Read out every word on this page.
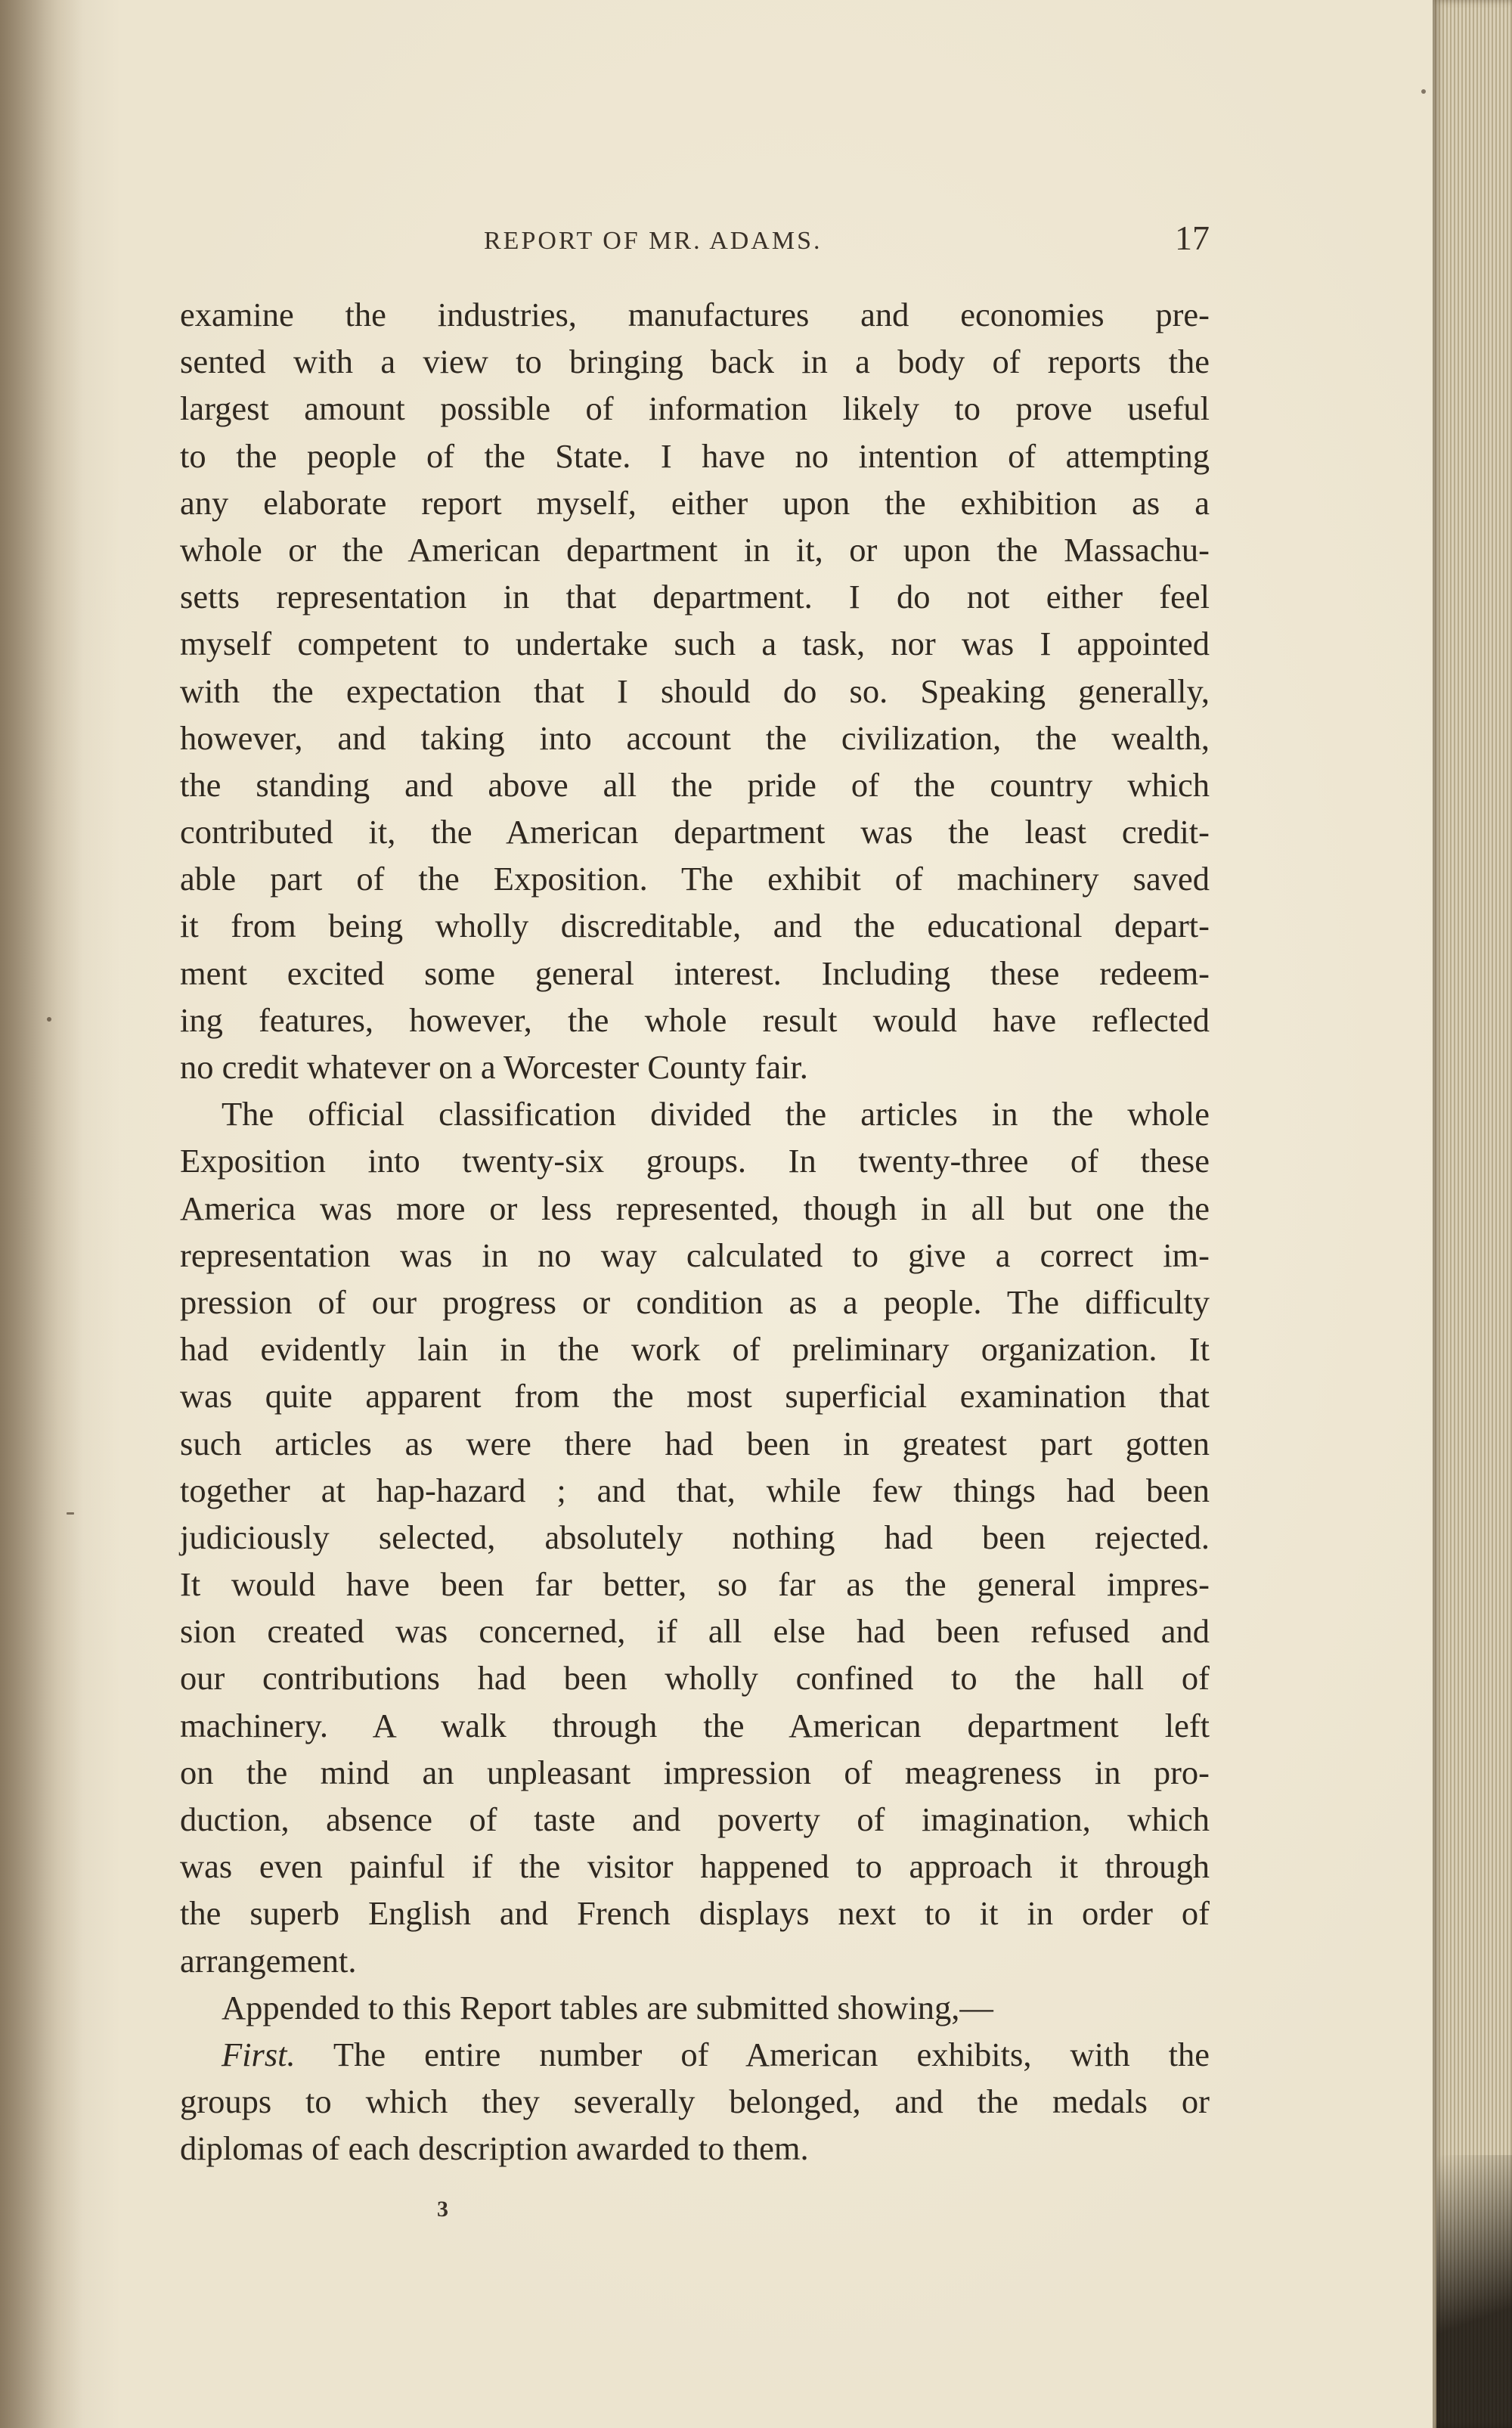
REPORT OF MR. ADAMS.	17
examine the industries, manufactures and economies pre-
sented with a view to bringing back in a body of reports the
largest amount possible of information likely to prove useful
to the people of the State. I have no intention of attempting
any elaborate report myself, either upon the exhibition as a
whole or the American department in it, or upon the Massachu-
setts representation in that department. I do not either feel
myself competent to undertake such a task, nor was I appointed
with the expectation that I should do so. Speaking generally,
however, and taking into account the civilization, the wealth,
the standing and above all the pride of the country which
contributed it, the American department was the least credit-
able part of the Exposition. The exhibit of machinery saved
it from being wholly discreditable, and the educational depart-
ment excited some general interest. Including these redeem-
ing features, however, the whole result would have reflected
no credit whatever on a Worcester County fair.
The official classification divided the articles in the whole
Exposition into twenty-six groups. In twenty-three of these
America was more or less represented, though in all but one the
representation was in no way calculated to give a correct im-
pression of our progress or condition as a people. The difficulty
had evidently lain in the work of preliminary organization. It
was quite apparent from the most superficial examination that
such articles as were there had been in greatest part gotten
together at hap-hazard ; and that, while few things had been
judiciously selected, absolutely nothing had been rejected.
It would have been far better, so far as the general impres-
sion created was concerned, if all else had been refused and
our contributions had been wholly confined to the hall of
machinery. A walk through the American department left
on the mind an unpleasant impression of meagreness in pro-
duction, absence of taste and poverty of imagination, which
was even painful if the visitor happened to approach it through
the superb English and French displays next to it in order of
arrangement.
Appended to this Report tables are submitted showing,—
First. The entire number of American exhibits, with the
groups to which they severally belonged, and the medals or
diplomas of each description awarded to them.
3
